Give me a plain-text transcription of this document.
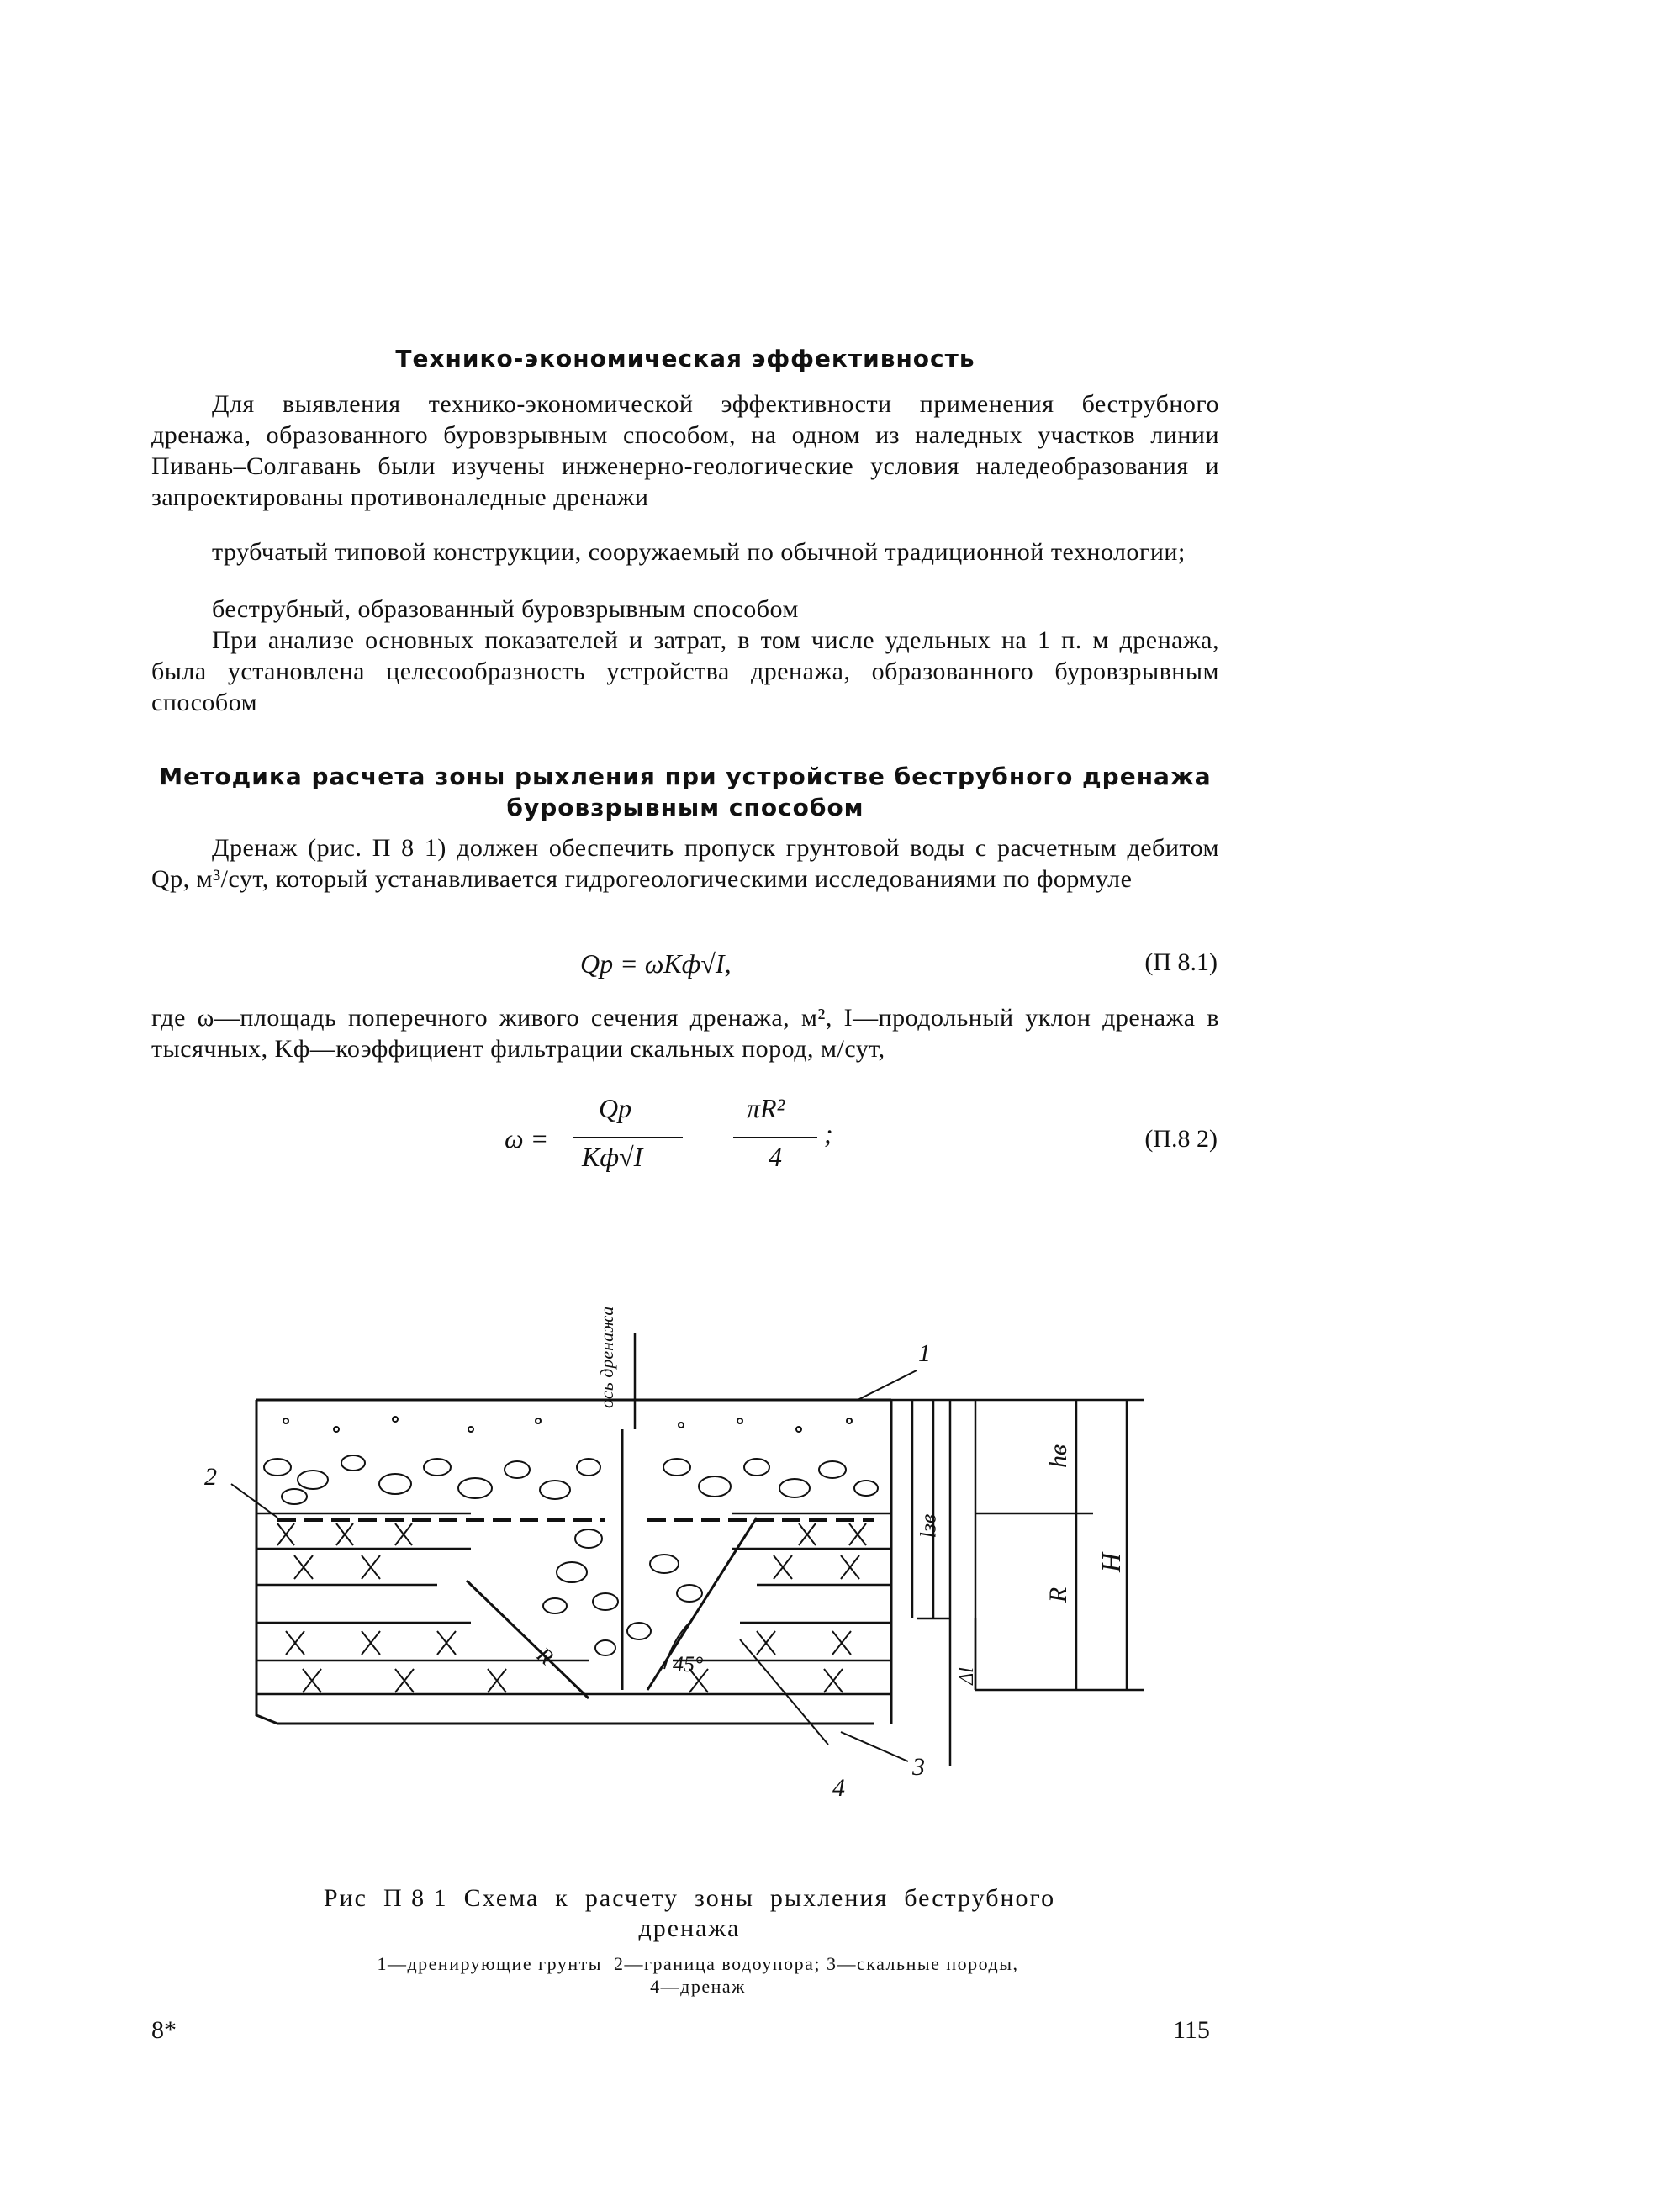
Технико-экономическая эффективность
Для выявления технико-экономической эффективности применения беструбного дренажа, образованного буровзрывным способом, на одном из наледных участков линии Пивань–Солгавань были изучены инженерно-геологические условия наледеобразования и запроектированы противоналедные дренажи
трубчатый типовой конструкции, сооружаемый по обычной традиционной технологии;
беструбный, образованный буровзрывным способом
При анализе основных показателей и затрат, в том числе удельных на 1 п. м дренажа, была установлена целесообразность устройства дренажа, образованного буровзрывным способом
Методика расчета зоны рыхления при устройстве беструбного дренажа
буровзрывным способом
Дренаж (рис. П 8 1) должен обеспечить пропуск грунтовой воды с расчетным дебитом Qр, м³/сут, который устанавливается гидрогеологическими исследованиями по формуле
Qр = ωKф√I,	(П 8.1)
где ω—площадь поперечного живого сечения дренажа, м², I—продольный уклон дренажа в тысячных, Kф—коэффициент фильтрации скальных пород, м/сут,
ω =
Qр
Kф√I
πR²
4
;	(П.8 2)
ось дренажа	1
2
3
4
hв
H
R
lзв
Δl
45°
R
Рис  П 8 1  Схема  к  расчету  зоны  рыхления  беструбного
дренажа
1—дренирующие грунты  2—граница водоупора; 3—скальные породы,
4—дренаж
8*	115
